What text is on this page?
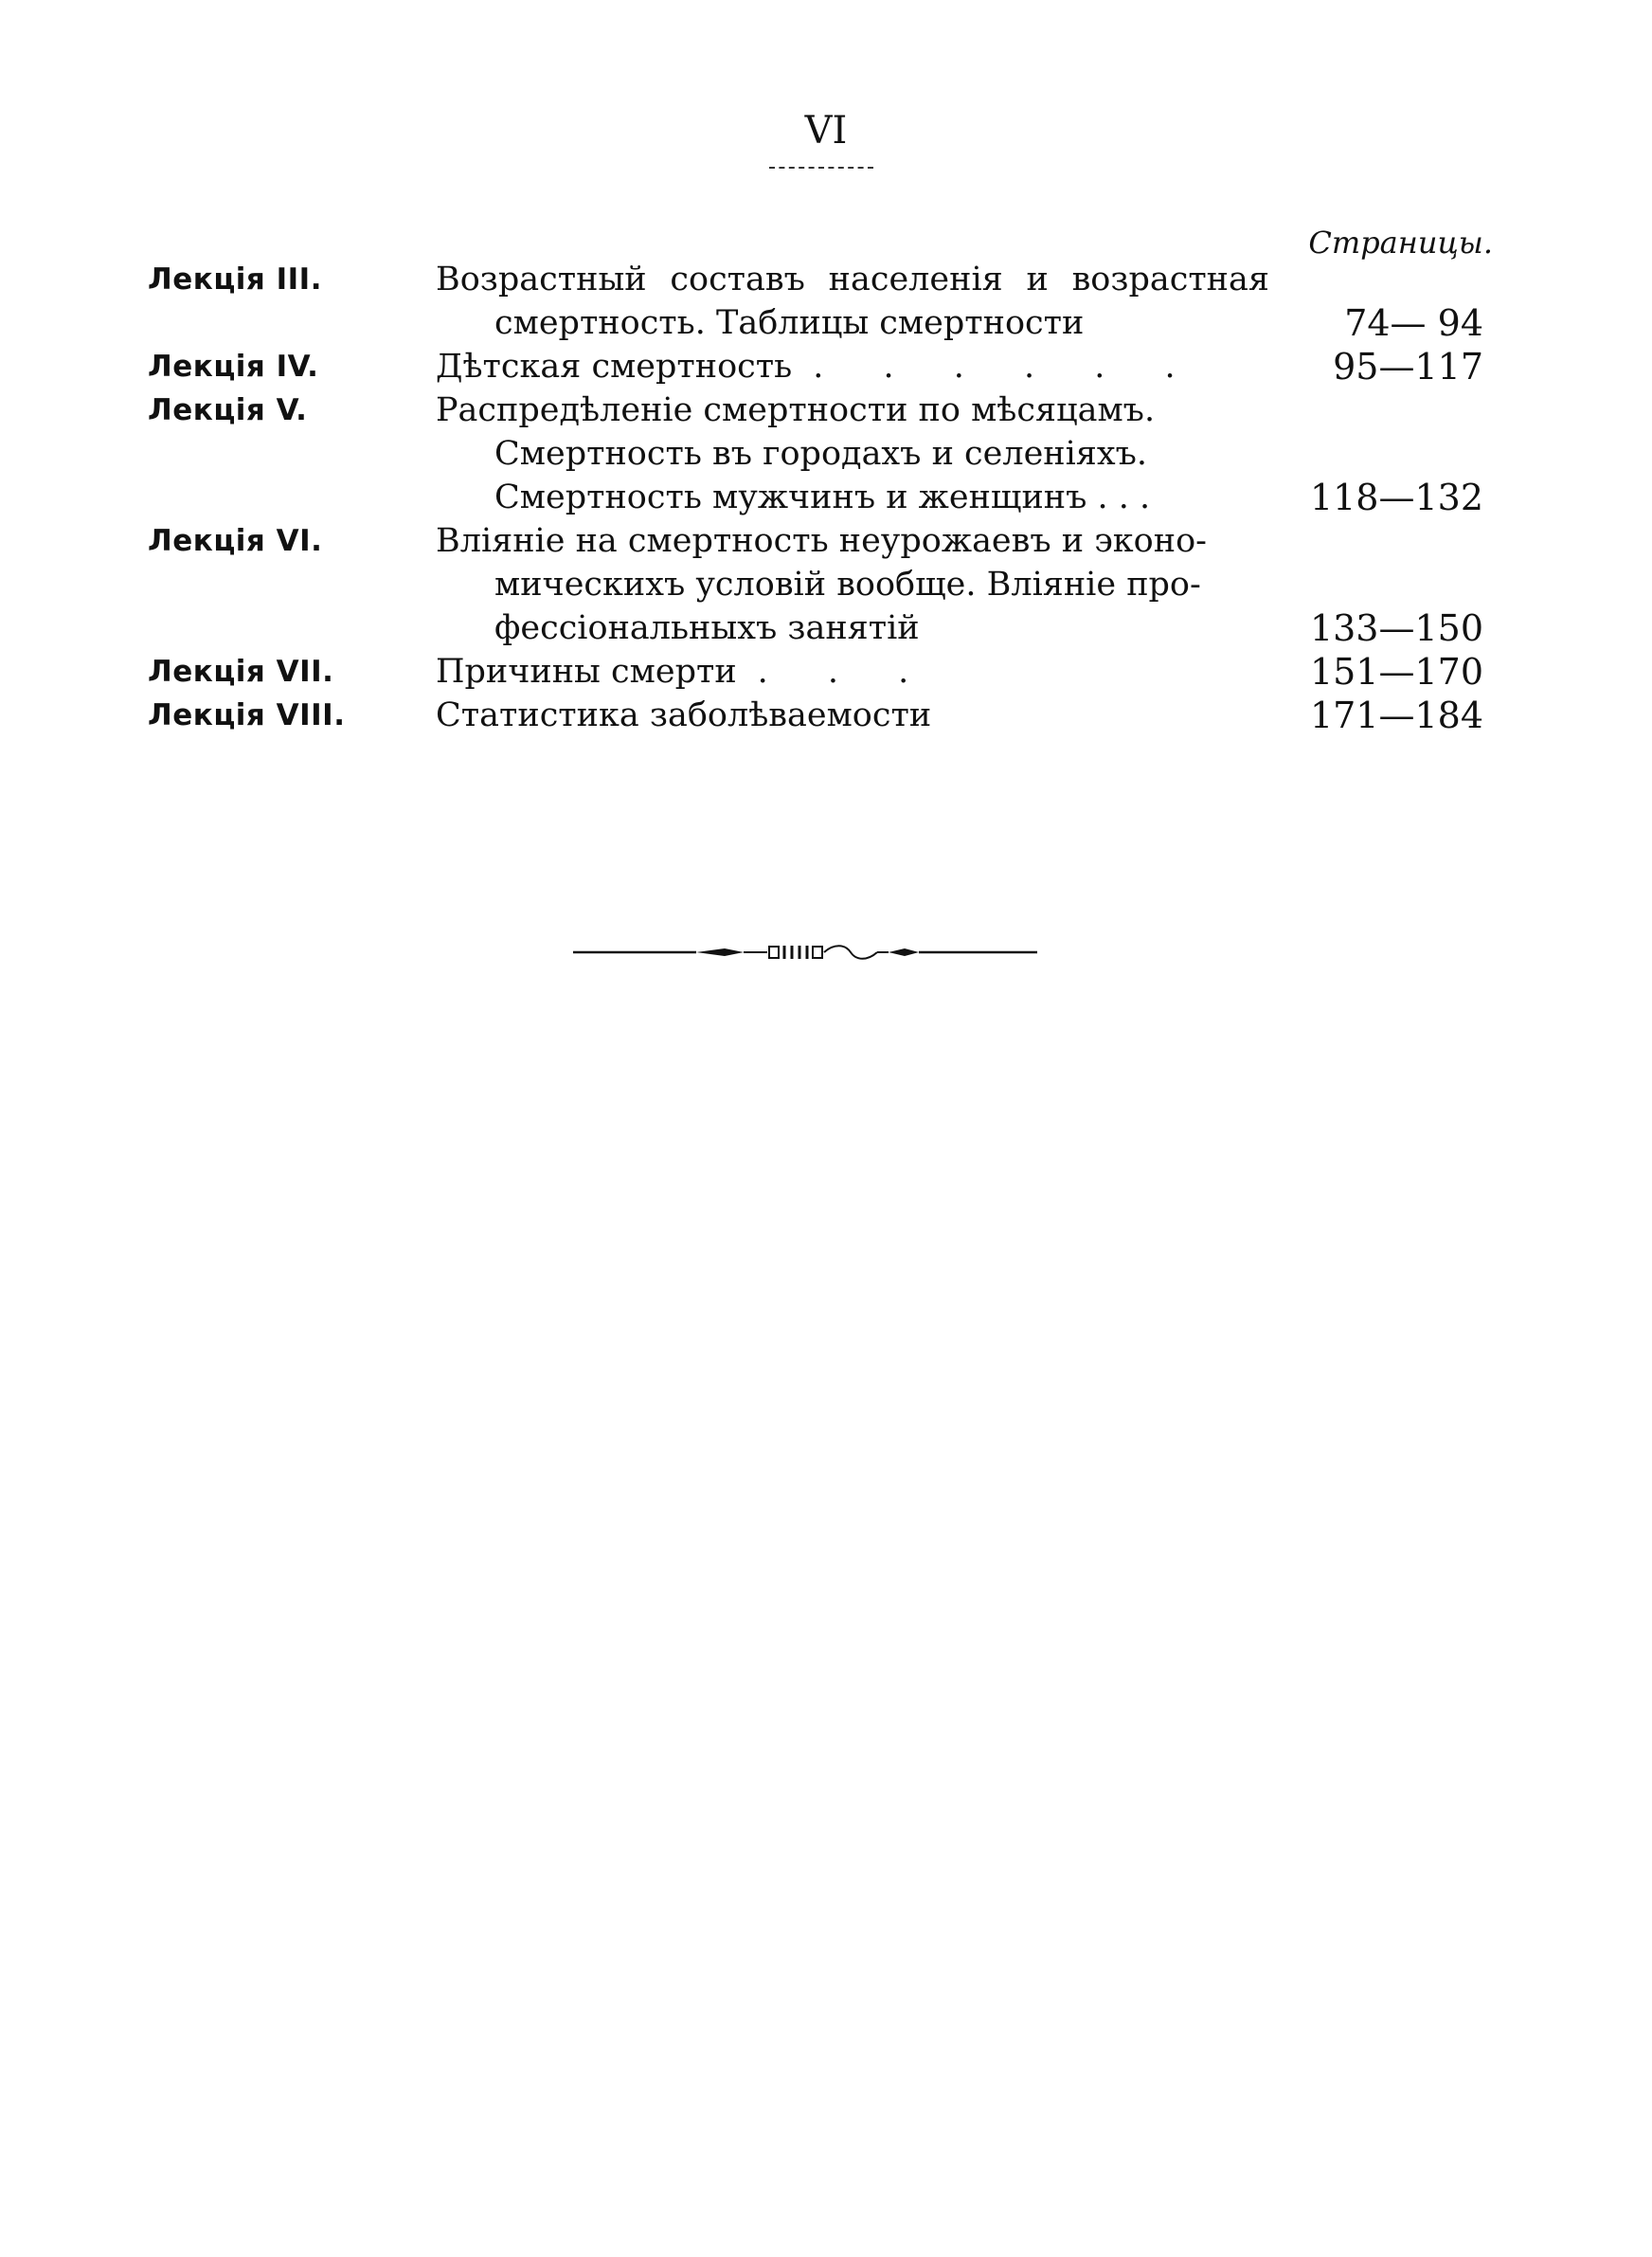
VI
Страницы.
Лекція III.	Возрастный составъ населенія и возрастная
смертность. Таблицы смертности	74— 94
Лекція IV.	Дѣтская смертность . . . . . .	95—117
Лекція V.	Распредѣленіе смертности по мѣсяцамъ.
Смертность въ городахъ и селеніяхъ.
Смертность мужчинъ и женщинъ . . .	118—132
Лекція VI.	Вліяніе на смертность неурожаевъ и эконо-
мическихъ условій вообще. Вліяніе про-
фессіональныхъ занятій	133—150
Лекція VII.	Причины смерти . . .	151—170
Лекція VIII.	Статистика заболѣваемости	171—184
